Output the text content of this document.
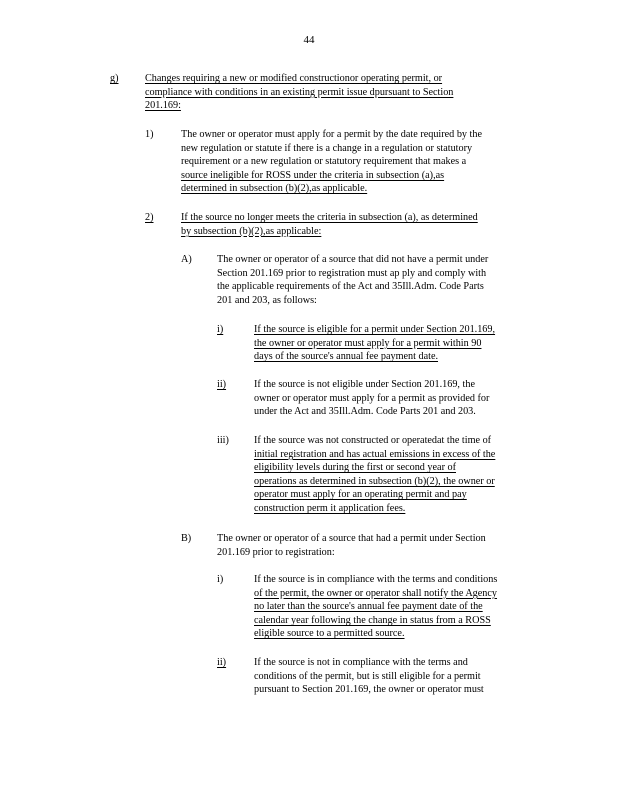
44
g)	Changes requiring a new or modified constructionor operating permit, or
compliance with conditions in an existing permit issue dpursuant to Section
201.169:
1)	The owner or operator must apply for a permit by the date required by the
new regulation or statute if there is a change in a regulation or statutory
requirement or a new regulation or statutory requirement that makes a
source ineligible for ROSS under the criteria in subsection (a),as
determined in subsection (b)(2),as applicable.
2)	If the source no longer meets the criteria in subsection (a), as determined
by subsection (b)(2),as applicable:
A) The owner or operator of a source that did not have a permit under
Section 201.169 prior to registration must ap ply and comply with
the applicable requirements of the Act and 35Ill.Adm. Code Parts
201 and 203, as follows:
i)	If the source is eligible for a permit under Section 201.169,
the owner or operator must apply for a permit within 90
days of the source's annual fee payment date.
ii)	If the source is not eligible under Section 201.169, the
owner or operator must apply for a permit as provided for
under the Act and 35Ill.Adm. Code Parts 201 and 203.
iii) If the source was not constructed or operatedat the time of
initial registration and has actual emissions in excess of the
eligibility levels during the first or second year of
operations as determined in subsection (b)(2), the owner or
operator must apply for an operating permit and pay
construction perm it application fees.
B)	The owner or operator of a source that had a permit under Section
201.169 prior to registration:
i)	If the source is in compliance with the terms and conditions
of the permit, the owner or operator shall notify the Agency
no later than the source's annual fee payment date of the
calendar year following the change in status from a ROSS
eligible source to a permitted source.
ii)	If the source is not in compliance with the terms and
conditions of the permit, but is still eligible for a permit
pursuant to Section 201.169, the owner or operator must
